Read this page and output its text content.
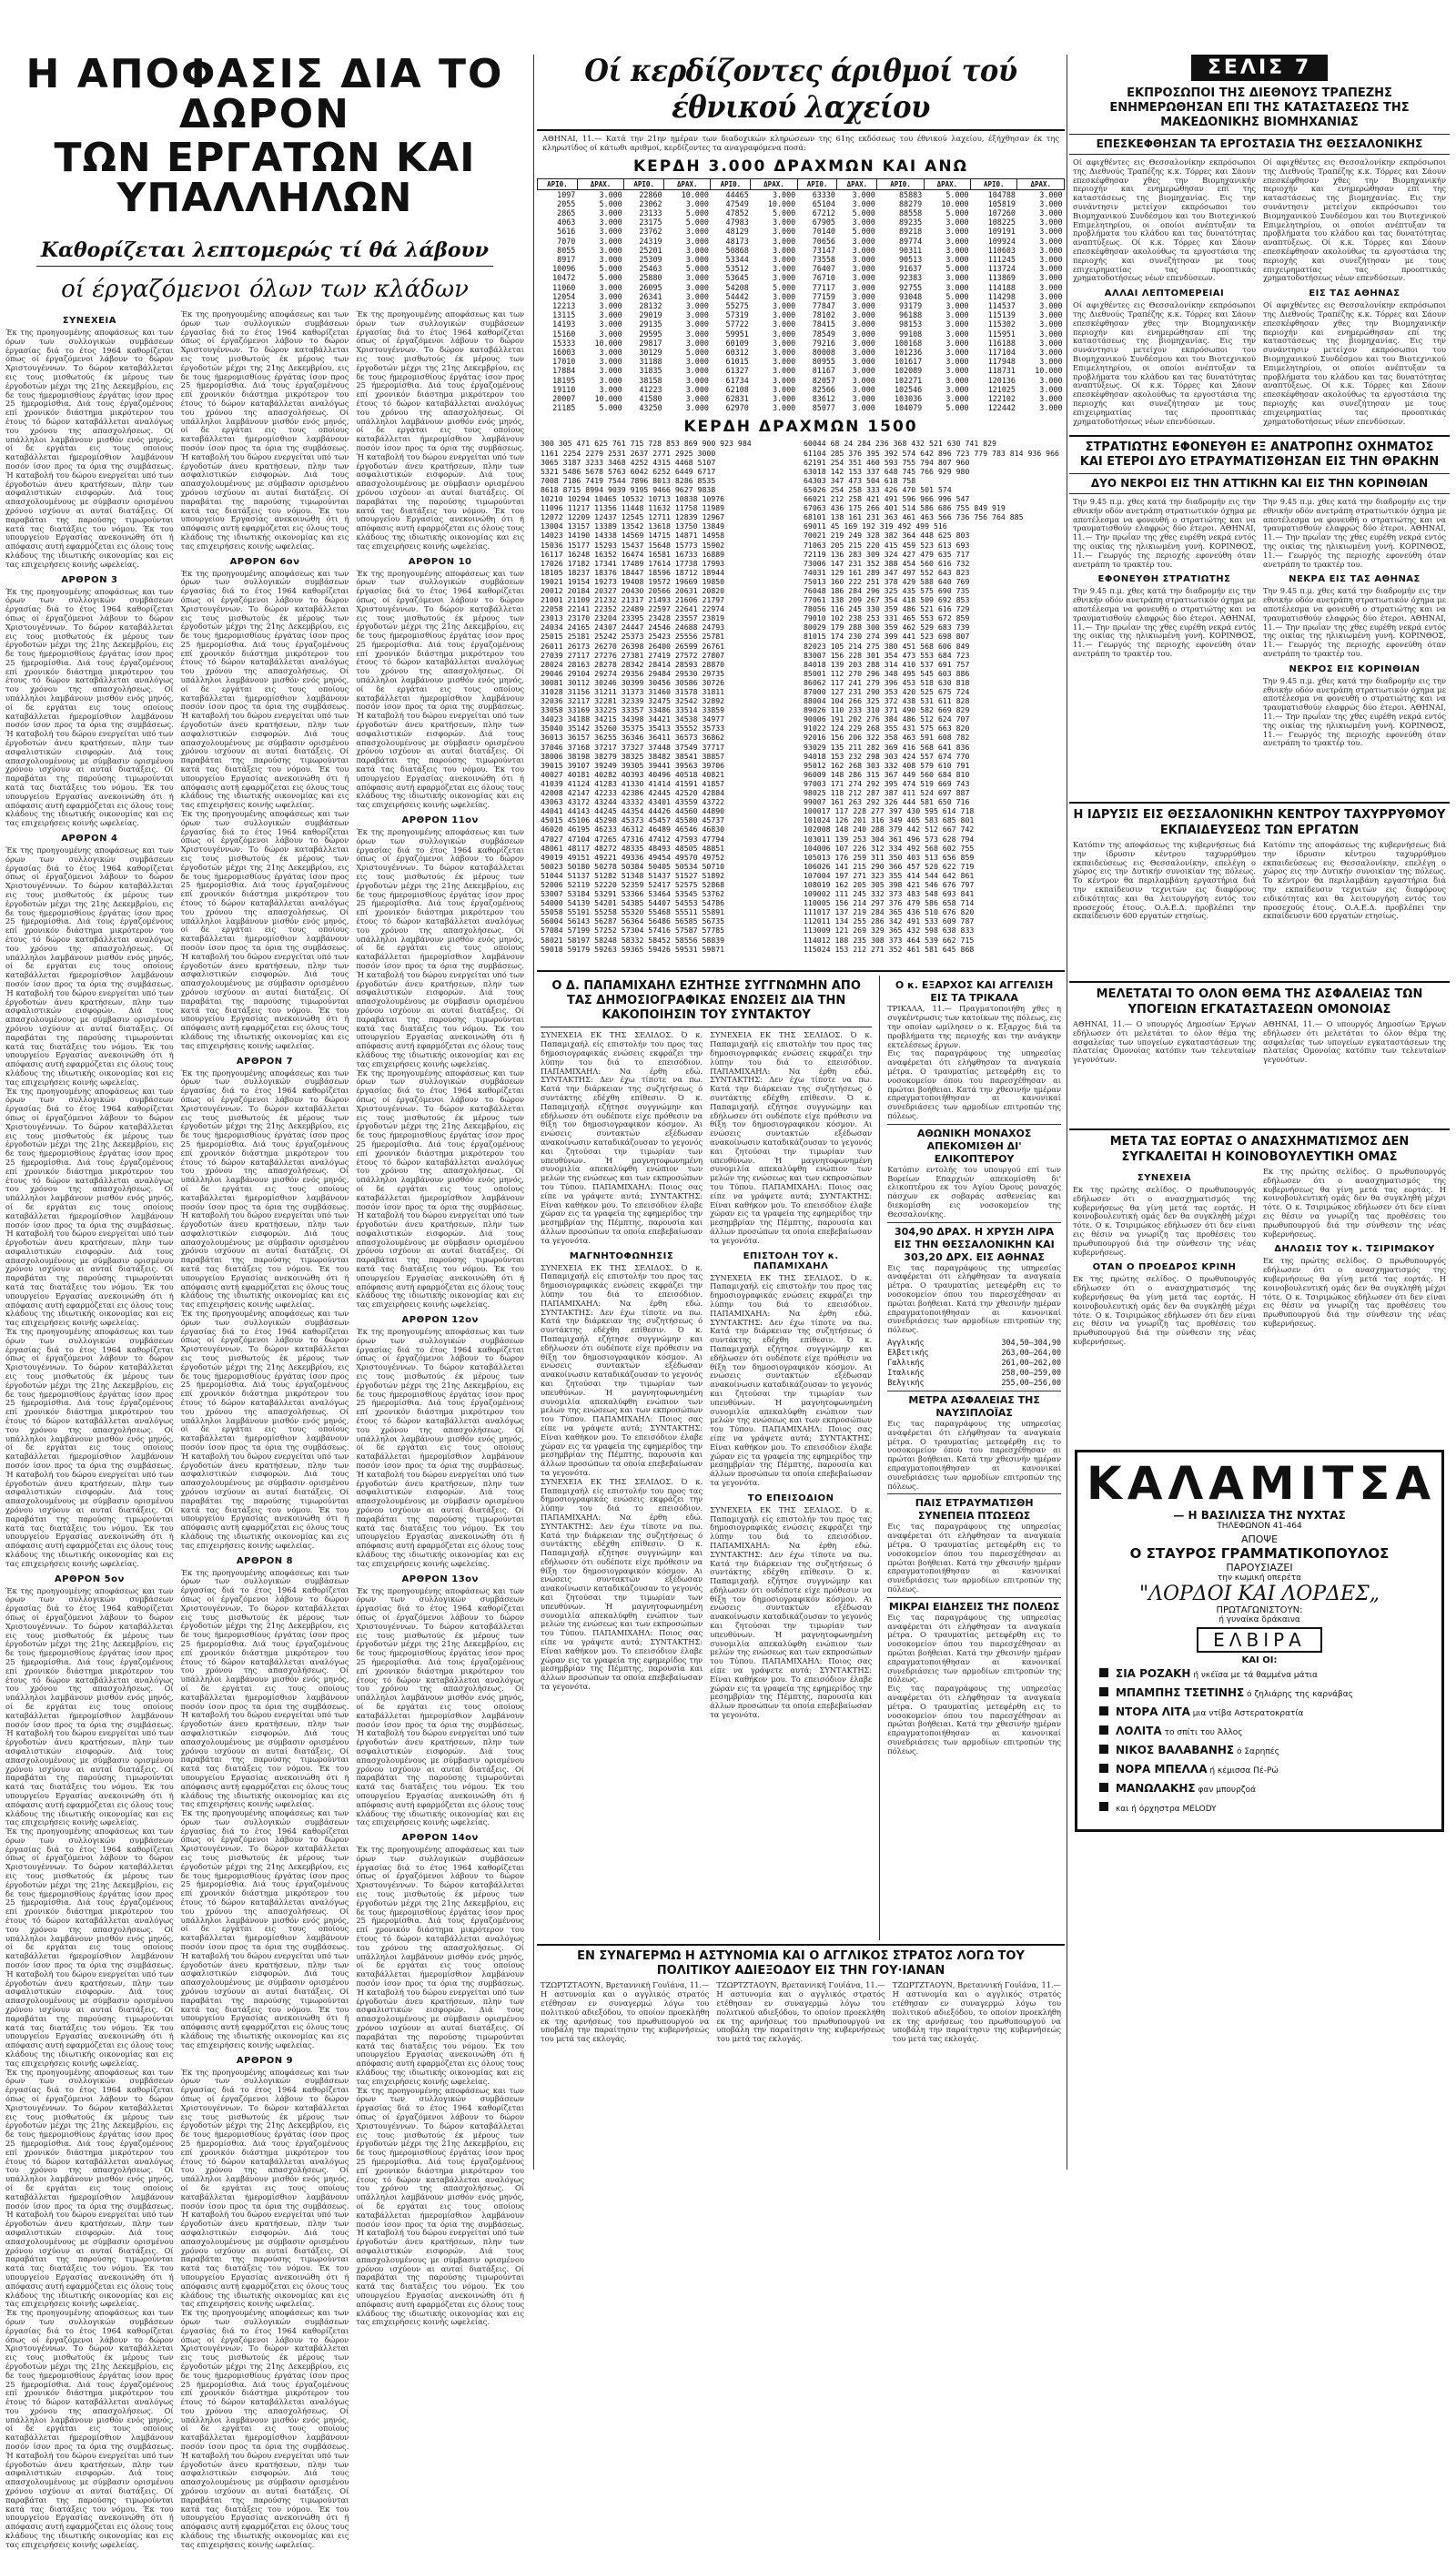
Η ΑΠΟΦΑΣΙΣ ΔΙΑ ΤΟ ΔΩΡΟΝ
ΤΩΝ ΕΡΓΑΤΩΝ ΚΑΙ ΥΠΑΛΛΗΛΩΝ
Καθορίζεται λεπτομερώς τί θά λάβουν
οί έργαζόμενοι όλων των κλάδων
ΣΥΝΕΧΕΙΑ
Έκ της προηγουμένης αποφάσεως και των όρων των συλλογικών συμβάσεων έργασίας διά το έτος 1964 καθορίζεται όπως οί έργαζόμενοι λάβουν το δώρον Χριστουγέννων. Το δώρον καταβάλλεται εις τους μισθωτούς έκ μέρους των έργοδοτών μέχρι της 21ης Δεκεμβρίου, εις δε τους ήμερομισθίους έργάτας ίσον προς 25 ήμερομίσθια. Διά τους έργαζομένους επί χρονικόν διάστημα μικρότερον του έτους τό δώρον καταβάλλεται αναλόγως του χρόνου της απασχολήσεως. Οί υπάλληλοι λαμβάνουν μισθόν ενός μηνός, οί δε εργάται εις τους οποίους καταβάλλεται ήμερομίσθιον λαμβάνουν ποσόν ίσον προς τα όρια της συμβάσεως. Ή καταβολή του δώρου ενεργείται υπό των έργοδοτών άνευ κρατήσεων, πλην των ασφαλιστικών εισφορών. Διά τους απασχολουμένους με σύμβασιν ορισμένου χρόνου ισχύουν αι αυταί διατάξεις. Οί παραβάται της παρούσης τιμωρούνται κατά τας διατάξεις του νόμου. Έκ του υπουργείου Εργασίας ανεκοινώθη ότι ή απόφασις αυτή εφαρμόζεται εις όλους τους κλάδους της ιδιωτικής οικονομίας και εις τας επιχειρήσεις κοινής ωφελείας.
ΑΡΘΡΟΝ 3
Έκ της προηγουμένης αποφάσεως και των όρων των συλλογικών συμβάσεων έργασίας διά το έτος 1964 καθορίζεται όπως οί έργαζόμενοι λάβουν το δώρον Χριστουγέννων. Το δώρον καταβάλλεται εις τους μισθωτούς έκ μέρους των έργοδοτών μέχρι της 21ης Δεκεμβρίου, εις δε τους ήμερομισθίους έργάτας ίσον προς 25 ήμερομίσθια. Διά τους έργαζομένους επί χρονικόν διάστημα μικρότερον του έτους τό δώρον καταβάλλεται αναλόγως του χρόνου της απασχολήσεως. Οί υπάλληλοι λαμβάνουν μισθόν ενός μηνός, οί δε εργάται εις τους οποίους καταβάλλεται ήμερομίσθιον λαμβάνουν ποσόν ίσον προς τα όρια της συμβάσεως. Ή καταβολή του δώρου ενεργείται υπό των έργοδοτών άνευ κρατήσεων, πλην των ασφαλιστικών εισφορών. Διά τους απασχολουμένους με σύμβασιν ορισμένου χρόνου ισχύουν αι αυταί διατάξεις. Οί παραβάται της παρούσης τιμωρούνται κατά τας διατάξεις του νόμου. Έκ του υπουργείου Εργασίας ανεκοινώθη ότι ή απόφασις αυτή εφαρμόζεται εις όλους τους κλάδους της ιδιωτικής οικονομίας και εις τας επιχειρήσεις κοινής ωφελείας.
ΑΡΘΡΟΝ 4
Έκ της προηγουμένης αποφάσεως και των όρων των συλλογικών συμβάσεων έργασίας διά το έτος 1964 καθορίζεται όπως οί έργαζόμενοι λάβουν το δώρον Χριστουγέννων. Το δώρον καταβάλλεται εις τους μισθωτούς έκ μέρους των έργοδοτών μέχρι της 21ης Δεκεμβρίου, εις δε τους ήμερομισθίους έργάτας ίσον προς 25 ήμερομίσθια. Διά τους έργαζομένους επί χρονικόν διάστημα μικρότερον του έτους τό δώρον καταβάλλεται αναλόγως του χρόνου της απασχολήσεως. Οί υπάλληλοι λαμβάνουν μισθόν ενός μηνός, οί δε εργάται εις τους οποίους καταβάλλεται ήμερομίσθιον λαμβάνουν ποσόν ίσον προς τα όρια της συμβάσεως. Ή καταβολή του δώρου ενεργείται υπό των έργοδοτών άνευ κρατήσεων, πλην των ασφαλιστικών εισφορών. Διά τους απασχολουμένους με σύμβασιν ορισμένου χρόνου ισχύουν αι αυταί διατάξεις. Οί παραβάται της παρούσης τιμωρούνται κατά τας διατάξεις του νόμου. Έκ του υπουργείου Εργασίας ανεκοινώθη ότι ή απόφασις αυτή εφαρμόζεται εις όλους τους κλάδους της ιδιωτικής οικονομίας και εις τας επιχειρήσεις κοινής ωφελείας.
Έκ της προηγουμένης αποφάσεως και των όρων των συλλογικών συμβάσεων έργασίας διά το έτος 1964 καθορίζεται όπως οί έργαζόμενοι λάβουν το δώρον Χριστουγέννων. Το δώρον καταβάλλεται εις τους μισθωτούς έκ μέρους των έργοδοτών μέχρι της 21ης Δεκεμβρίου, εις δε τους ήμερομισθίους έργάτας ίσον προς 25 ήμερομίσθια. Διά τους έργαζομένους επί χρονικόν διάστημα μικρότερον του έτους τό δώρον καταβάλλεται αναλόγως του χρόνου της απασχολήσεως. Οί υπάλληλοι λαμβάνουν μισθόν ενός μηνός, οί δε εργάται εις τους οποίους καταβάλλεται ήμερομίσθιον λαμβάνουν ποσόν ίσον προς τα όρια της συμβάσεως. Ή καταβολή του δώρου ενεργείται υπό των έργοδοτών άνευ κρατήσεων, πλην των ασφαλιστικών εισφορών. Διά τους απασχολουμένους με σύμβασιν ορισμένου χρόνου ισχύουν αι αυταί διατάξεις. Οί παραβάται της παρούσης τιμωρούνται κατά τας διατάξεις του νόμου. Έκ του υπουργείου Εργασίας ανεκοινώθη ότι ή απόφασις αυτή εφαρμόζεται εις όλους τους κλάδους της ιδιωτικής οικονομίας και εις τας επιχειρήσεις κοινής ωφελείας.
Έκ της προηγουμένης αποφάσεως και των όρων των συλλογικών συμβάσεων έργασίας διά το έτος 1964 καθορίζεται όπως οί έργαζόμενοι λάβουν το δώρον Χριστουγέννων. Το δώρον καταβάλλεται εις τους μισθωτούς έκ μέρους των έργοδοτών μέχρι της 21ης Δεκεμβρίου, εις δε τους ήμερομισθίους έργάτας ίσον προς 25 ήμερομίσθια. Διά τους έργαζομένους επί χρονικόν διάστημα μικρότερον του έτους τό δώρον καταβάλλεται αναλόγως του χρόνου της απασχολήσεως. Οί υπάλληλοι λαμβάνουν μισθόν ενός μηνός, οί δε εργάται εις τους οποίους καταβάλλεται ήμερομίσθιον λαμβάνουν ποσόν ίσον προς τα όρια της συμβάσεως. Ή καταβολή του δώρου ενεργείται υπό των έργοδοτών άνευ κρατήσεων, πλην των ασφαλιστικών εισφορών. Διά τους απασχολουμένους με σύμβασιν ορισμένου χρόνου ισχύουν αι αυταί διατάξεις. Οί παραβάται της παρούσης τιμωρούνται κατά τας διατάξεις του νόμου. Έκ του υπουργείου Εργασίας ανεκοινώθη ότι ή απόφασις αυτή εφαρμόζεται εις όλους τους κλάδους της ιδιωτικής οικονομίας και εις τας επιχειρήσεις κοινής ωφελείας.
ΑΡΘΡΟΝ 5ον
Έκ της προηγουμένης αποφάσεως και των όρων των συλλογικών συμβάσεων έργασίας διά το έτος 1964 καθορίζεται όπως οί έργαζόμενοι λάβουν το δώρον Χριστουγέννων. Το δώρον καταβάλλεται εις τους μισθωτούς έκ μέρους των έργοδοτών μέχρι της 21ης Δεκεμβρίου, εις δε τους ήμερομισθίους έργάτας ίσον προς 25 ήμερομίσθια. Διά τους έργαζομένους επί χρονικόν διάστημα μικρότερον του έτους τό δώρον καταβάλλεται αναλόγως του χρόνου της απασχολήσεως. Οί υπάλληλοι λαμβάνουν μισθόν ενός μηνός, οί δε εργάται εις τους οποίους καταβάλλεται ήμερομίσθιον λαμβάνουν ποσόν ίσον προς τα όρια της συμβάσεως. Ή καταβολή του δώρου ενεργείται υπό των έργοδοτών άνευ κρατήσεων, πλην των ασφαλιστικών εισφορών. Διά τους απασχολουμένους με σύμβασιν ορισμένου χρόνου ισχύουν αι αυταί διατάξεις. Οί παραβάται της παρούσης τιμωρούνται κατά τας διατάξεις του νόμου. Έκ του υπουργείου Εργασίας ανεκοινώθη ότι ή απόφασις αυτή εφαρμόζεται εις όλους τους κλάδους της ιδιωτικής οικονομίας και εις τας επιχειρήσεις κοινής ωφελείας.
Έκ της προηγουμένης αποφάσεως και των όρων των συλλογικών συμβάσεων έργασίας διά το έτος 1964 καθορίζεται όπως οί έργαζόμενοι λάβουν το δώρον Χριστουγέννων. Το δώρον καταβάλλεται εις τους μισθωτούς έκ μέρους των έργοδοτών μέχρι της 21ης Δεκεμβρίου, εις δε τους ήμερομισθίους έργάτας ίσον προς 25 ήμερομίσθια. Διά τους έργαζομένους επί χρονικόν διάστημα μικρότερον του έτους τό δώρον καταβάλλεται αναλόγως του χρόνου της απασχολήσεως. Οί υπάλληλοι λαμβάνουν μισθόν ενός μηνός, οί δε εργάται εις τους οποίους καταβάλλεται ήμερομίσθιον λαμβάνουν ποσόν ίσον προς τα όρια της συμβάσεως. Ή καταβολή του δώρου ενεργείται υπό των έργοδοτών άνευ κρατήσεων, πλην των ασφαλιστικών εισφορών. Διά τους απασχολουμένους με σύμβασιν ορισμένου χρόνου ισχύουν αι αυταί διατάξεις. Οί παραβάται της παρούσης τιμωρούνται κατά τας διατάξεις του νόμου. Έκ του υπουργείου Εργασίας ανεκοινώθη ότι ή απόφασις αυτή εφαρμόζεται εις όλους τους κλάδους της ιδιωτικής οικονομίας και εις τας επιχειρήσεις κοινής ωφελείας.
Έκ της προηγουμένης αποφάσεως και των όρων των συλλογικών συμβάσεων έργασίας διά το έτος 1964 καθορίζεται όπως οί έργαζόμενοι λάβουν το δώρον Χριστουγέννων. Το δώρον καταβάλλεται εις τους μισθωτούς έκ μέρους των έργοδοτών μέχρι της 21ης Δεκεμβρίου, εις δε τους ήμερομισθίους έργάτας ίσον προς 25 ήμερομίσθια. Διά τους έργαζομένους επί χρονικόν διάστημα μικρότερον του έτους τό δώρον καταβάλλεται αναλόγως του χρόνου της απασχολήσεως. Οί υπάλληλοι λαμβάνουν μισθόν ενός μηνός, οί δε εργάται εις τους οποίους καταβάλλεται ήμερομίσθιον λαμβάνουν ποσόν ίσον προς τα όρια της συμβάσεως. Ή καταβολή του δώρου ενεργείται υπό των έργοδοτών άνευ κρατήσεων, πλην των ασφαλιστικών εισφορών. Διά τους απασχολουμένους με σύμβασιν ορισμένου χρόνου ισχύουν αι αυταί διατάξεις. Οί παραβάται της παρούσης τιμωρούνται κατά τας διατάξεις του νόμου. Έκ του υπουργείου Εργασίας ανεκοινώθη ότι ή απόφασις αυτή εφαρμόζεται εις όλους τους κλάδους της ιδιωτικής οικονομίας και εις τας επιχειρήσεις κοινής ωφελείας.
Έκ της προηγουμένης αποφάσεως και των όρων των συλλογικών συμβάσεων έργασίας διά το έτος 1964 καθορίζεται όπως οί έργαζόμενοι λάβουν το δώρον Χριστουγέννων. Το δώρον καταβάλλεται εις τους μισθωτούς έκ μέρους των έργοδοτών μέχρι της 21ης Δεκεμβρίου, εις δε τους ήμερομισθίους έργάτας ίσον προς 25 ήμερομίσθια. Διά τους έργαζομένους επί χρονικόν διάστημα μικρότερον του έτους τό δώρον καταβάλλεται αναλόγως του χρόνου της απασχολήσεως. Οί υπάλληλοι λαμβάνουν μισθόν ενός μηνός, οί δε εργάται εις τους οποίους καταβάλλεται ήμερομίσθιον λαμβάνουν ποσόν ίσον προς τα όρια της συμβάσεως. Ή καταβολή του δώρου ενεργείται υπό των έργοδοτών άνευ κρατήσεων, πλην των ασφαλιστικών εισφορών. Διά τους απασχολουμένους με σύμβασιν ορισμένου χρόνου ισχύουν αι αυταί διατάξεις. Οί παραβάται της παρούσης τιμωρούνται κατά τας διατάξεις του νόμου. Έκ του υπουργείου Εργασίας ανεκοινώθη ότι ή απόφασις αυτή εφαρμόζεται εις όλους τους κλάδους της ιδιωτικής οικονομίας και εις τας επιχειρήσεις κοινής ωφελείας.
Έκ της προηγουμένης αποφάσεως και των όρων των συλλογικών συμβάσεων έργασίας διά το έτος 1964 καθορίζεται όπως οί έργαζόμενοι λάβουν το δώρον Χριστουγέννων. Το δώρον καταβάλλεται εις τους μισθωτούς έκ μέρους των έργοδοτών μέχρι της 21ης Δεκεμβρίου, εις δε τους ήμερομισθίους έργάτας ίσον προς 25 ήμερομίσθια. Διά τους έργαζομένους επί χρονικόν διάστημα μικρότερον του έτους τό δώρον καταβάλλεται αναλόγως του χρόνου της απασχολήσεως. Οί υπάλληλοι λαμβάνουν μισθόν ενός μηνός, οί δε εργάται εις τους οποίους καταβάλλεται ήμερομίσθιον λαμβάνουν ποσόν ίσον προς τα όρια της συμβάσεως. Ή καταβολή του δώρου ενεργείται υπό των έργοδοτών άνευ κρατήσεων, πλην των ασφαλιστικών εισφορών. Διά τους απασχολουμένους με σύμβασιν ορισμένου χρόνου ισχύουν αι αυταί διατάξεις. Οί παραβάται της παρούσης τιμωρούνται κατά τας διατάξεις του νόμου. Έκ του υπουργείου Εργασίας ανεκοινώθη ότι ή απόφασις αυτή εφαρμόζεται εις όλους τους κλάδους της ιδιωτικής οικονομίας και εις τας επιχειρήσεις κοινής ωφελείας.
ΑΡΘΡΟΝ 6ον
Έκ της προηγουμένης αποφάσεως και των όρων των συλλογικών συμβάσεων έργασίας διά το έτος 1964 καθορίζεται όπως οί έργαζόμενοι λάβουν το δώρον Χριστουγέννων. Το δώρον καταβάλλεται εις τους μισθωτούς έκ μέρους των έργοδοτών μέχρι της 21ης Δεκεμβρίου, εις δε τους ήμερομισθίους έργάτας ίσον προς 25 ήμερομίσθια. Διά τους έργαζομένους επί χρονικόν διάστημα μικρότερον του έτους τό δώρον καταβάλλεται αναλόγως του χρόνου της απασχολήσεως. Οί υπάλληλοι λαμβάνουν μισθόν ενός μηνός, οί δε εργάται εις τους οποίους καταβάλλεται ήμερομίσθιον λαμβάνουν ποσόν ίσον προς τα όρια της συμβάσεως. Ή καταβολή του δώρου ενεργείται υπό των έργοδοτών άνευ κρατήσεων, πλην των ασφαλιστικών εισφορών. Διά τους απασχολουμένους με σύμβασιν ορισμένου χρόνου ισχύουν αι αυταί διατάξεις. Οί παραβάται της παρούσης τιμωρούνται κατά τας διατάξεις του νόμου. Έκ του υπουργείου Εργασίας ανεκοινώθη ότι ή απόφασις αυτή εφαρμόζεται εις όλους τους κλάδους της ιδιωτικής οικονομίας και εις τας επιχειρήσεις κοινής ωφελείας.
Έκ της προηγουμένης αποφάσεως και των όρων των συλλογικών συμβάσεων έργασίας διά το έτος 1964 καθορίζεται όπως οί έργαζόμενοι λάβουν το δώρον Χριστουγέννων. Το δώρον καταβάλλεται εις τους μισθωτούς έκ μέρους των έργοδοτών μέχρι της 21ης Δεκεμβρίου, εις δε τους ήμερομισθίους έργάτας ίσον προς 25 ήμερομίσθια. Διά τους έργαζομένους επί χρονικόν διάστημα μικρότερον του έτους τό δώρον καταβάλλεται αναλόγως του χρόνου της απασχολήσεως. Οί υπάλληλοι λαμβάνουν μισθόν ενός μηνός, οί δε εργάται εις τους οποίους καταβάλλεται ήμερομίσθιον λαμβάνουν ποσόν ίσον προς τα όρια της συμβάσεως. Ή καταβολή του δώρου ενεργείται υπό των έργοδοτών άνευ κρατήσεων, πλην των ασφαλιστικών εισφορών. Διά τους απασχολουμένους με σύμβασιν ορισμένου χρόνου ισχύουν αι αυταί διατάξεις. Οί παραβάται της παρούσης τιμωρούνται κατά τας διατάξεις του νόμου. Έκ του υπουργείου Εργασίας ανεκοινώθη ότι ή απόφασις αυτή εφαρμόζεται εις όλους τους κλάδους της ιδιωτικής οικονομίας και εις τας επιχειρήσεις κοινής ωφελείας.
ΑΡΘΡΟΝ 7
Έκ της προηγουμένης αποφάσεως και των όρων των συλλογικών συμβάσεων έργασίας διά το έτος 1964 καθορίζεται όπως οί έργαζόμενοι λάβουν το δώρον Χριστουγέννων. Το δώρον καταβάλλεται εις τους μισθωτούς έκ μέρους των έργοδοτών μέχρι της 21ης Δεκεμβρίου, εις δε τους ήμερομισθίους έργάτας ίσον προς 25 ήμερομίσθια. Διά τους έργαζομένους επί χρονικόν διάστημα μικρότερον του έτους τό δώρον καταβάλλεται αναλόγως του χρόνου της απασχολήσεως. Οί υπάλληλοι λαμβάνουν μισθόν ενός μηνός, οί δε εργάται εις τους οποίους καταβάλλεται ήμερομίσθιον λαμβάνουν ποσόν ίσον προς τα όρια της συμβάσεως. Ή καταβολή του δώρου ενεργείται υπό των έργοδοτών άνευ κρατήσεων, πλην των ασφαλιστικών εισφορών. Διά τους απασχολουμένους με σύμβασιν ορισμένου χρόνου ισχύουν αι αυταί διατάξεις. Οί παραβάται της παρούσης τιμωρούνται κατά τας διατάξεις του νόμου. Έκ του υπουργείου Εργασίας ανεκοινώθη ότι ή απόφασις αυτή εφαρμόζεται εις όλους τους κλάδους της ιδιωτικής οικονομίας και εις τας επιχειρήσεις κοινής ωφελείας.
Έκ της προηγουμένης αποφάσεως και των όρων των συλλογικών συμβάσεων έργασίας διά το έτος 1964 καθορίζεται όπως οί έργαζόμενοι λάβουν το δώρον Χριστουγέννων. Το δώρον καταβάλλεται εις τους μισθωτούς έκ μέρους των έργοδοτών μέχρι της 21ης Δεκεμβρίου, εις δε τους ήμερομισθίους έργάτας ίσον προς 25 ήμερομίσθια. Διά τους έργαζομένους επί χρονικόν διάστημα μικρότερον του έτους τό δώρον καταβάλλεται αναλόγως του χρόνου της απασχολήσεως. Οί υπάλληλοι λαμβάνουν μισθόν ενός μηνός, οί δε εργάται εις τους οποίους καταβάλλεται ήμερομίσθιον λαμβάνουν ποσόν ίσον προς τα όρια της συμβάσεως. Ή καταβολή του δώρου ενεργείται υπό των έργοδοτών άνευ κρατήσεων, πλην των ασφαλιστικών εισφορών. Διά τους απασχολουμένους με σύμβασιν ορισμένου χρόνου ισχύουν αι αυταί διατάξεις. Οί παραβάται της παρούσης τιμωρούνται κατά τας διατάξεις του νόμου. Έκ του υπουργείου Εργασίας ανεκοινώθη ότι ή απόφασις αυτή εφαρμόζεται εις όλους τους κλάδους της ιδιωτικής οικονομίας και εις τας επιχειρήσεις κοινής ωφελείας.
ΑΡΘΡΟΝ 8
Έκ της προηγουμένης αποφάσεως και των όρων των συλλογικών συμβάσεων έργασίας διά το έτος 1964 καθορίζεται όπως οί έργαζόμενοι λάβουν το δώρον Χριστουγέννων. Το δώρον καταβάλλεται εις τους μισθωτούς έκ μέρους των έργοδοτών μέχρι της 21ης Δεκεμβρίου, εις δε τους ήμερομισθίους έργάτας ίσον προς 25 ήμερομίσθια. Διά τους έργαζομένους επί χρονικόν διάστημα μικρότερον του έτους τό δώρον καταβάλλεται αναλόγως του χρόνου της απασχολήσεως. Οί υπάλληλοι λαμβάνουν μισθόν ενός μηνός, οί δε εργάται εις τους οποίους καταβάλλεται ήμερομίσθιον λαμβάνουν ποσόν ίσον προς τα όρια της συμβάσεως. Ή καταβολή του δώρου ενεργείται υπό των έργοδοτών άνευ κρατήσεων, πλην των ασφαλιστικών εισφορών. Διά τους απασχολουμένους με σύμβασιν ορισμένου χρόνου ισχύουν αι αυταί διατάξεις. Οί παραβάται της παρούσης τιμωρούνται κατά τας διατάξεις του νόμου. Έκ του υπουργείου Εργασίας ανεκοινώθη ότι ή απόφασις αυτή εφαρμόζεται εις όλους τους κλάδους της ιδιωτικής οικονομίας και εις τας επιχειρήσεις κοινής ωφελείας.
Έκ της προηγουμένης αποφάσεως και των όρων των συλλογικών συμβάσεων έργασίας διά το έτος 1964 καθορίζεται όπως οί έργαζόμενοι λάβουν το δώρον Χριστουγέννων. Το δώρον καταβάλλεται εις τους μισθωτούς έκ μέρους των έργοδοτών μέχρι της 21ης Δεκεμβρίου, εις δε τους ήμερομισθίους έργάτας ίσον προς 25 ήμερομίσθια. Διά τους έργαζομένους επί χρονικόν διάστημα μικρότερον του έτους τό δώρον καταβάλλεται αναλόγως του χρόνου της απασχολήσεως. Οί υπάλληλοι λαμβάνουν μισθόν ενός μηνός, οί δε εργάται εις τους οποίους καταβάλλεται ήμερομίσθιον λαμβάνουν ποσόν ίσον προς τα όρια της συμβάσεως. Ή καταβολή του δώρου ενεργείται υπό των έργοδοτών άνευ κρατήσεων, πλην των ασφαλιστικών εισφορών. Διά τους απασχολουμένους με σύμβασιν ορισμένου χρόνου ισχύουν αι αυταί διατάξεις. Οί παραβάται της παρούσης τιμωρούνται κατά τας διατάξεις του νόμου. Έκ του υπουργείου Εργασίας ανεκοινώθη ότι ή απόφασις αυτή εφαρμόζεται εις όλους τους κλάδους της ιδιωτικής οικονομίας και εις τας επιχειρήσεις κοινής ωφελείας.
ΑΡΘΡΟΝ 9
Έκ της προηγουμένης αποφάσεως και των όρων των συλλογικών συμβάσεων έργασίας διά το έτος 1964 καθορίζεται όπως οί έργαζόμενοι λάβουν το δώρον Χριστουγέννων. Το δώρον καταβάλλεται εις τους μισθωτούς έκ μέρους των έργοδοτών μέχρι της 21ης Δεκεμβρίου, εις δε τους ήμερομισθίους έργάτας ίσον προς 25 ήμερομίσθια. Διά τους έργαζομένους επί χρονικόν διάστημα μικρότερον του έτους τό δώρον καταβάλλεται αναλόγως του χρόνου της απασχολήσεως. Οί υπάλληλοι λαμβάνουν μισθόν ενός μηνός, οί δε εργάται εις τους οποίους καταβάλλεται ήμερομίσθιον λαμβάνουν ποσόν ίσον προς τα όρια της συμβάσεως. Ή καταβολή του δώρου ενεργείται υπό των έργοδοτών άνευ κρατήσεων, πλην των ασφαλιστικών εισφορών. Διά τους απασχολουμένους με σύμβασιν ορισμένου χρόνου ισχύουν αι αυταί διατάξεις. Οί παραβάται της παρούσης τιμωρούνται κατά τας διατάξεις του νόμου. Έκ του υπουργείου Εργασίας ανεκοινώθη ότι ή απόφασις αυτή εφαρμόζεται εις όλους τους κλάδους της ιδιωτικής οικονομίας και εις τας επιχειρήσεις κοινής ωφελείας.
Έκ της προηγουμένης αποφάσεως και των όρων των συλλογικών συμβάσεων έργασίας διά το έτος 1964 καθορίζεται όπως οί έργαζόμενοι λάβουν το δώρον Χριστουγέννων. Το δώρον καταβάλλεται εις τους μισθωτούς έκ μέρους των έργοδοτών μέχρι της 21ης Δεκεμβρίου, εις δε τους ήμερομισθίους έργάτας ίσον προς 25 ήμερομίσθια. Διά τους έργαζομένους επί χρονικόν διάστημα μικρότερον του έτους τό δώρον καταβάλλεται αναλόγως του χρόνου της απασχολήσεως. Οί υπάλληλοι λαμβάνουν μισθόν ενός μηνός, οί δε εργάται εις τους οποίους καταβάλλεται ήμερομίσθιον λαμβάνουν ποσόν ίσον προς τα όρια της συμβάσεως. Ή καταβολή του δώρου ενεργείται υπό των έργοδοτών άνευ κρατήσεων, πλην των ασφαλιστικών εισφορών. Διά τους απασχολουμένους με σύμβασιν ορισμένου χρόνου ισχύουν αι αυταί διατάξεις. Οί παραβάται της παρούσης τιμωρούνται κατά τας διατάξεις του νόμου. Έκ του υπουργείου Εργασίας ανεκοινώθη ότι ή απόφασις αυτή εφαρμόζεται εις όλους τους κλάδους της ιδιωτικής οικονομίας και εις τας επιχειρήσεις κοινής ωφελείας.
Έκ της προηγουμένης αποφάσεως και των όρων των συλλογικών συμβάσεων έργασίας διά το έτος 1964 καθορίζεται όπως οί έργαζόμενοι λάβουν το δώρον Χριστουγέννων. Το δώρον καταβάλλεται εις τους μισθωτούς έκ μέρους των έργοδοτών μέχρι της 21ης Δεκεμβρίου, εις δε τους ήμερομισθίους έργάτας ίσον προς 25 ήμερομίσθια. Διά τους έργαζομένους επί χρονικόν διάστημα μικρότερον του έτους τό δώρον καταβάλλεται αναλόγως του χρόνου της απασχολήσεως. Οί υπάλληλοι λαμβάνουν μισθόν ενός μηνός, οί δε εργάται εις τους οποίους καταβάλλεται ήμερομίσθιον λαμβάνουν ποσόν ίσον προς τα όρια της συμβάσεως. Ή καταβολή του δώρου ενεργείται υπό των έργοδοτών άνευ κρατήσεων, πλην των ασφαλιστικών εισφορών. Διά τους απασχολουμένους με σύμβασιν ορισμένου χρόνου ισχύουν αι αυταί διατάξεις. Οί παραβάται της παρούσης τιμωρούνται κατά τας διατάξεις του νόμου. Έκ του υπουργείου Εργασίας ανεκοινώθη ότι ή απόφασις αυτή εφαρμόζεται εις όλους τους κλάδους της ιδιωτικής οικονομίας και εις τας επιχειρήσεις κοινής ωφελείας.
ΑΡΘΡΟΝ 10
Έκ της προηγουμένης αποφάσεως και των όρων των συλλογικών συμβάσεων έργασίας διά το έτος 1964 καθορίζεται όπως οί έργαζόμενοι λάβουν το δώρον Χριστουγέννων. Το δώρον καταβάλλεται εις τους μισθωτούς έκ μέρους των έργοδοτών μέχρι της 21ης Δεκεμβρίου, εις δε τους ήμερομισθίους έργάτας ίσον προς 25 ήμερομίσθια. Διά τους έργαζομένους επί χρονικόν διάστημα μικρότερον του έτους τό δώρον καταβάλλεται αναλόγως του χρόνου της απασχολήσεως. Οί υπάλληλοι λαμβάνουν μισθόν ενός μηνός, οί δε εργάται εις τους οποίους καταβάλλεται ήμερομίσθιον λαμβάνουν ποσόν ίσον προς τα όρια της συμβάσεως. Ή καταβολή του δώρου ενεργείται υπό των έργοδοτών άνευ κρατήσεων, πλην των ασφαλιστικών εισφορών. Διά τους απασχολουμένους με σύμβασιν ορισμένου χρόνου ισχύουν αι αυταί διατάξεις. Οί παραβάται της παρούσης τιμωρούνται κατά τας διατάξεις του νόμου. Έκ του υπουργείου Εργασίας ανεκοινώθη ότι ή απόφασις αυτή εφαρμόζεται εις όλους τους κλάδους της ιδιωτικής οικονομίας και εις τας επιχειρήσεις κοινής ωφελείας.
ΑΡΘΡΟΝ 11ον
Έκ της προηγουμένης αποφάσεως και των όρων των συλλογικών συμβάσεων έργασίας διά το έτος 1964 καθορίζεται όπως οί έργαζόμενοι λάβουν το δώρον Χριστουγέννων. Το δώρον καταβάλλεται εις τους μισθωτούς έκ μέρους των έργοδοτών μέχρι της 21ης Δεκεμβρίου, εις δε τους ήμερομισθίους έργάτας ίσον προς 25 ήμερομίσθια. Διά τους έργαζομένους επί χρονικόν διάστημα μικρότερον του έτους τό δώρον καταβάλλεται αναλόγως του χρόνου της απασχολήσεως. Οί υπάλληλοι λαμβάνουν μισθόν ενός μηνός, οί δε εργάται εις τους οποίους καταβάλλεται ήμερομίσθιον λαμβάνουν ποσόν ίσον προς τα όρια της συμβάσεως. Ή καταβολή του δώρου ενεργείται υπό των έργοδοτών άνευ κρατήσεων, πλην των ασφαλιστικών εισφορών. Διά τους απασχολουμένους με σύμβασιν ορισμένου χρόνου ισχύουν αι αυταί διατάξεις. Οί παραβάται της παρούσης τιμωρούνται κατά τας διατάξεις του νόμου. Έκ του υπουργείου Εργασίας ανεκοινώθη ότι ή απόφασις αυτή εφαρμόζεται εις όλους τους κλάδους της ιδιωτικής οικονομίας και εις τας επιχειρήσεις κοινής ωφελείας.
Έκ της προηγουμένης αποφάσεως και των όρων των συλλογικών συμβάσεων έργασίας διά το έτος 1964 καθορίζεται όπως οί έργαζόμενοι λάβουν το δώρον Χριστουγέννων. Το δώρον καταβάλλεται εις τους μισθωτούς έκ μέρους των έργοδοτών μέχρι της 21ης Δεκεμβρίου, εις δε τους ήμερομισθίους έργάτας ίσον προς 25 ήμερομίσθια. Διά τους έργαζομένους επί χρονικόν διάστημα μικρότερον του έτους τό δώρον καταβάλλεται αναλόγως του χρόνου της απασχολήσεως. Οί υπάλληλοι λαμβάνουν μισθόν ενός μηνός, οί δε εργάται εις τους οποίους καταβάλλεται ήμερομίσθιον λαμβάνουν ποσόν ίσον προς τα όρια της συμβάσεως. Ή καταβολή του δώρου ενεργείται υπό των έργοδοτών άνευ κρατήσεων, πλην των ασφαλιστικών εισφορών. Διά τους απασχολουμένους με σύμβασιν ορισμένου χρόνου ισχύουν αι αυταί διατάξεις. Οί παραβάται της παρούσης τιμωρούνται κατά τας διατάξεις του νόμου. Έκ του υπουργείου Εργασίας ανεκοινώθη ότι ή απόφασις αυτή εφαρμόζεται εις όλους τους κλάδους της ιδιωτικής οικονομίας και εις τας επιχειρήσεις κοινής ωφελείας.
ΑΡΘΡΟΝ 12ον
Έκ της προηγουμένης αποφάσεως και των όρων των συλλογικών συμβάσεων έργασίας διά το έτος 1964 καθορίζεται όπως οί έργαζόμενοι λάβουν το δώρον Χριστουγέννων. Το δώρον καταβάλλεται εις τους μισθωτούς έκ μέρους των έργοδοτών μέχρι της 21ης Δεκεμβρίου, εις δε τους ήμερομισθίους έργάτας ίσον προς 25 ήμερομίσθια. Διά τους έργαζομένους επί χρονικόν διάστημα μικρότερον του έτους τό δώρον καταβάλλεται αναλόγως του χρόνου της απασχολήσεως. Οί υπάλληλοι λαμβάνουν μισθόν ενός μηνός, οί δε εργάται εις τους οποίους καταβάλλεται ήμερομίσθιον λαμβάνουν ποσόν ίσον προς τα όρια της συμβάσεως. Ή καταβολή του δώρου ενεργείται υπό των έργοδοτών άνευ κρατήσεων, πλην των ασφαλιστικών εισφορών. Διά τους απασχολουμένους με σύμβασιν ορισμένου χρόνου ισχύουν αι αυταί διατάξεις. Οί παραβάται της παρούσης τιμωρούνται κατά τας διατάξεις του νόμου. Έκ του υπουργείου Εργασίας ανεκοινώθη ότι ή απόφασις αυτή εφαρμόζεται εις όλους τους κλάδους της ιδιωτικής οικονομίας και εις τας επιχειρήσεις κοινής ωφελείας.
ΑΡΘΡΟΝ 13ον
Έκ της προηγουμένης αποφάσεως και των όρων των συλλογικών συμβάσεων έργασίας διά το έτος 1964 καθορίζεται όπως οί έργαζόμενοι λάβουν το δώρον Χριστουγέννων. Το δώρον καταβάλλεται εις τους μισθωτούς έκ μέρους των έργοδοτών μέχρι της 21ης Δεκεμβρίου, εις δε τους ήμερομισθίους έργάτας ίσον προς 25 ήμερομίσθια. Διά τους έργαζομένους επί χρονικόν διάστημα μικρότερον του έτους τό δώρον καταβάλλεται αναλόγως του χρόνου της απασχολήσεως. Οί υπάλληλοι λαμβάνουν μισθόν ενός μηνός, οί δε εργάται εις τους οποίους καταβάλλεται ήμερομίσθιον λαμβάνουν ποσόν ίσον προς τα όρια της συμβάσεως. Ή καταβολή του δώρου ενεργείται υπό των έργοδοτών άνευ κρατήσεων, πλην των ασφαλιστικών εισφορών. Διά τους απασχολουμένους με σύμβασιν ορισμένου χρόνου ισχύουν αι αυταί διατάξεις. Οί παραβάται της παρούσης τιμωρούνται κατά τας διατάξεις του νόμου. Έκ του υπουργείου Εργασίας ανεκοινώθη ότι ή απόφασις αυτή εφαρμόζεται εις όλους τους κλάδους της ιδιωτικής οικονομίας και εις τας επιχειρήσεις κοινής ωφελείας.
ΑΡΘΡΟΝ 14ον
Έκ της προηγουμένης αποφάσεως και των όρων των συλλογικών συμβάσεων έργασίας διά το έτος 1964 καθορίζεται όπως οί έργαζόμενοι λάβουν το δώρον Χριστουγέννων. Το δώρον καταβάλλεται εις τους μισθωτούς έκ μέρους των έργοδοτών μέχρι της 21ης Δεκεμβρίου, εις δε τους ήμερομισθίους έργάτας ίσον προς 25 ήμερομίσθια. Διά τους έργαζομένους επί χρονικόν διάστημα μικρότερον του έτους τό δώρον καταβάλλεται αναλόγως του χρόνου της απασχολήσεως. Οί υπάλληλοι λαμβάνουν μισθόν ενός μηνός, οί δε εργάται εις τους οποίους καταβάλλεται ήμερομίσθιον λαμβάνουν ποσόν ίσον προς τα όρια της συμβάσεως. Ή καταβολή του δώρου ενεργείται υπό των έργοδοτών άνευ κρατήσεων, πλην των ασφαλιστικών εισφορών. Διά τους απασχολουμένους με σύμβασιν ορισμένου χρόνου ισχύουν αι αυταί διατάξεις. Οί παραβάται της παρούσης τιμωρούνται κατά τας διατάξεις του νόμου. Έκ του υπουργείου Εργασίας ανεκοινώθη ότι ή απόφασις αυτή εφαρμόζεται εις όλους τους κλάδους της ιδιωτικής οικονομίας και εις τας επιχειρήσεις κοινής ωφελείας.
Έκ της προηγουμένης αποφάσεως και των όρων των συλλογικών συμβάσεων έργασίας διά το έτος 1964 καθορίζεται όπως οί έργαζόμενοι λάβουν το δώρον Χριστουγέννων. Το δώρον καταβάλλεται εις τους μισθωτούς έκ μέρους των έργοδοτών μέχρι της 21ης Δεκεμβρίου, εις δε τους ήμερομισθίους έργάτας ίσον προς 25 ήμερομίσθια. Διά τους έργαζομένους επί χρονικόν διάστημα μικρότερον του έτους τό δώρον καταβάλλεται αναλόγως του χρόνου της απασχολήσεως. Οί υπάλληλοι λαμβάνουν μισθόν ενός μηνός, οί δε εργάται εις τους οποίους καταβάλλεται ήμερομίσθιον λαμβάνουν ποσόν ίσον προς τα όρια της συμβάσεως. Ή καταβολή του δώρου ενεργείται υπό των έργοδοτών άνευ κρατήσεων, πλην των ασφαλιστικών εισφορών. Διά τους απασχολουμένους με σύμβασιν ορισμένου χρόνου ισχύουν αι αυταί διατάξεις. Οί παραβάται της παρούσης τιμωρούνται κατά τας διατάξεις του νόμου. Έκ του υπουργείου Εργασίας ανεκοινώθη ότι ή απόφασις αυτή εφαρμόζεται εις όλους τους κλάδους της ιδιωτικής οικονομίας και εις τας επιχειρήσεις κοινής ωφελείας.
Οί κερδίζοντες άριθμοί τού έθνικού λαχείου
ΑΘΗΝΑΙ, 11.— Κατά την 21ην ημέραν των διαδοχικών κληρώσεων της 61ης εκδόσεως του έθνικού λαχείου, έξήχθησαν έκ της κληρωτίδος οί κάτωθι αριθμοί, κερδίζοντες τα αναγραφόμενα ποσά:
ΚΕΡΔΗ 3.000 ΔΡΑΧΜΩΝ ΚΑΙ ΑΝΩ
ΑΡΙΘ.	ΔΡΑΧ.	ΑΡΙΘ.	ΔΡΑΧ.	ΑΡΙΘ.	ΔΡΑΧ.	ΑΡΙΘ.	ΔΡΑΧ.	ΑΡΙΘ.	ΔΡΑΧ.	ΑΡΙΘ.	ΔΡΑΧ.
1097	3.000	22860	10.000	44465	3.000	63330	3.000	85883	5.000	104788	3.000
2055	5.000	23062	3.000	47549	10.000	65104	3.000	88279	10.000	105819	3.000
2865	3.000	23133	5.000	47852	5.000	67212	5.000	88558	5.000	107260	3.000
4063	3.000	23175	5.000	47983	3.000	67905	3.000	89235	3.000	108225	3.000
5616	3.000	23762	3.000	48129	3.000	70140	5.000	89218	3.000	109191	3.000
7070	3.000	24319	3.000	48173	3.000	70656	3.000	89774	3.000	109924	3.000
8055	3.000	25201	3.000	50868	3.000	73147	3.000	90311	3.000	110603	3.000
8917	3.000	25309	3.000	53344	3.000	73558	3.000	90513	3.000	111245	3.000
10096	5.000	25463	5.000	53512	3.000	76407	3.000	91637	5.000	113724	3.000
10472	5.000	25880	3.000	53645	3.000	76710	3.000	92383	3.000	113869	3.000
11060	3.000	26095	3.000	54208	5.000	77117	3.000	92755	3.000	114188	3.000
12054	3.000	26341	3.000	54442	3.000	77159	3.000	93048	5.000	114298	3.000
12213	3.000	28132	3.000	55275	3.000	77847	3.000	93179	3.000	114537	3.000
13115	3.000	29019	3.000	57319	3.000	78102	3.000	96188	3.000	115139	3.000
14193	3.000	29135	3.000	57722	3.000	78415	3.000	98153	3.000	115302	3.000
15160	3.000	29595	3.000	59951	3.000	78549	3.000	99108	3.000	115951	3.000
15333	10.000	29817	3.000	60109	3.000	79216	3.000	100168	3.000	116188	3.000
16003	3.000	30129	5.000	60312	3.000	80008	3.000	101236	3.000	117104	3.000
17010	3.000	31188	3.000	61015	3.000	80955	3.000	101617	3.000	117948	3.000
17884	3.000	31835	3.000	61327	3.000	81167	3.000	102089	3.000	118731	10.000
18195	3.000	38158	3.000	61734	3.000	82057	3.000	102271	3.000	120136	3.000
19110	3.000	41223	3.000	62108	3.000	82566	3.000	102546	3.000	121025	3.000
20007	10.000	41580	3.000	62831	3.000	83612	3.000	103036	3.000	122102	3.000
21185	5.000	43250	3.000	62970	3.000	85077	3.000	104079	5.000	122442	3.000
ΚΕΡΔΗ ΔΡΑΧΜΩΝ 1500
300 305 471 625 761 715 728 853 869 900 923 984
1161 2254 2279 2531 2637 2771 2925 3000
3065 3187 3233 3468 4252 4315 4468 5107
5321 5486 5678 5763 6042 6252 6449 6717
7008 7186 7419 7544 7896 8013 8286 8535
8618 8715 8994 9039 9195 9466 9627 9838
10210 10294 10465 10532 10713 10838 10976
11096 11217 11356 11448 11632 11758 11989
12072 12209 12437 12545 12711 12839 12967
13004 13157 13389 13542 13618 13750 13849
14023 14190 14338 14569 14715 14871 14958
15036 15177 15293 15437 15648 15773 15902
16117 16248 16352 16474 16581 16733 16889
17026 17182 17341 17489 17614 17738 17993
18105 18237 18376 18447 18596 18712 18944
19021 19154 19273 19408 19572 19669 19850
20012 20184 20327 20430 20566 20631 20820
21001 21109 21232 21317 21493 21606 21797
22058 22141 22352 22489 22597 22641 22974
23013 23170 23204 23395 23428 23557 23819
24034 24165 24307 24447 24546 24688 24793
25015 25181 25242 25373 25423 25556 25781
26011 26173 26270 26398 26400 26599 26761
27039 27117 27276 27381 27419 27572 27807
28024 28163 28278 28342 28414 28593 28870
29046 29104 29274 29356 29484 29530 29735
30081 30112 30246 30399 30456 30586 30726
31028 31156 31211 31373 31460 31578 31811
32036 32117 32281 32339 32475 32542 32892
33058 33169 33225 33357 33486 33514 33859
34023 34188 34215 34398 34421 34538 34977
35040 35142 35260 35375 35413 35552 35733
36013 36157 36255 36346 36411 36573 36862
37046 37168 37217 37327 37448 37549 37717
38006 38198 38279 38325 38482 38541 38857
39015 39107 39249 39305 39441 39563 39706
40027 40181 40282 40393 40496 40518 40821
41039 41124 41283 41330 41414 41591 41857
42008 42147 42233 42386 42445 42520 42884
43063 43172 43244 43332 43401 43559 43722
44041 44143 44245 44354 44426 44560 44890
45015 45106 45298 45373 45457 45580 45737
46020 46195 46233 46312 46489 46546 46830
47027 47104 47265 47316 47412 47593 47794
48061 48117 48272 48335 48493 48505 48851
49019 49151 49221 49336 49454 49570 49752
50023 50180 50278 50384 50405 50534 50710
51044 51137 51282 51348 51437 51527 51892
52006 52119 52220 52359 52417 52575 52868
53007 53184 53291 53366 53464 53545 53762
54000 54139 54201 54385 54407 54553 54786
55058 55191 55258 55320 55468 55511 55891
56004 56143 56287 56364 56486 56585 56735
57084 57199 57252 57304 57416 57587 57785
58021 58197 58248 58332 58452 58556 58839
59018 59179 59263 59365 59426 59531 59871
60044 68 24 284 236 368 432 521 630 741 829
61104 285 376 395 392 574 642 896 723 779 783 814 936 966
62191 254 351 460 593 755 794 807 960
63018 142 153 337 648 745 766 929 980
64303 347 473 504 618 758
65026 254 258 333 426 470 501 574
66021 212 258 421 491 596 966 996 547
67063 436 175 266 401 514 586 686 755 849 919
68101 138 161 231 363 461 463 566 736 756 764 885
69011 45 169 192 319 492 499 516
70021 219 249 328 382 364 448 625 803
71063 205 215 220 415 459 523 613 693
72119 136 283 309 324 427 479 635 717
73006 147 231 352 388 454 560 616 732
74031 129 161 289 347 497 552 643 823
75013 160 222 251 378 429 588 640 769
76048 186 284 296 325 435 575 690 735
77061 138 209 267 354 418 509 692 853
78056 116 245 330 359 486 521 616 729
79010 102 238 253 331 465 553 672 859
80029 179 288 300 359 462 529 683 739
81015 174 230 274 399 441 523 698 807
82023 105 214 275 380 451 568 606 849
83007 156 228 301 354 473 553 684 723
84018 139 203 288 314 410 537 691 757
85001 112 270 296 348 495 545 603 886
86062 117 241 279 396 453 518 630 818
87000 127 231 290 353 420 525 675 724
88004 104 266 325 372 438 531 611 828
89026 110 233 310 371 490 582 669 829
90006 191 202 276 384 486 512 624 707
91022 124 229 268 355 431 575 663 820
92016 156 206 322 358 463 591 608 782
93029 135 211 282 369 416 568 641 836
94018 153 232 298 303 424 557 674 770
95012 162 268 303 332 408 579 610 791
96009 148 286 315 367 449 560 684 810
97003 171 274 292 395 474 519 669 743
98025 118 212 287 387 411 524 697 887
99007 161 263 292 326 444 581 650 716
100017 117 228 277 397 430 595 614 718
101024 126 201 316 349 405 583 685 801
102008 148 240 288 379 442 512 667 742
103011 139 253 304 361 496 573 628 794
104006 107 226 312 334 492 568 602 755
105013 176 259 311 350 403 513 656 859
106026 141 215 290 366 457 520 622 719
107004 197 271 323 355 414 544 642 861
108019 162 205 305 398 421 546 676 797
109002 111 245 332 373 483 548 693 841
110005 156 214 297 376 479 586 658 714
111017 137 219 284 365 436 510 676 820
112011 134 255 286 342 491 533 609 787
113009 121 269 329 365 432 598 638 833
114012 188 235 308 373 464 539 662 715
115024 153 212 271 352 461 581 645 868
Ο Δ. ΠΑΠΑΜΙΧΑΗΛ ΕΖΗΤΗΣΕ ΣΥΓΓΝΩΜΗΝ ΑΠΟ ΤΑΣ ΔΗΜΟΣΙΟΓΡΑΦΙΚΑΣ ΕΝΩΣΕΙΣ ΔΙΑ ΤΗΝ ΚΑΚΟΠΟΙΗΣΙΝ ΤΟΥ ΣΥΝΤΑΚΤΟΥ
ΣΥΝΕΧΕΙΑ ΕΚ ΤΗΣ ΣΕΛΙΔΟΣ. Ό κ. Παπαμιχαήλ είς επιστολήν του προς τας δημοσιογραφικάς ενώσεις εκφράζει την λύπην του διά το επεισόδιον. ΠΑΠΑΜΙΧΑΗΛ: Να έρθη εδώ. ΣΥΝΤΑΚΤΗΣ: Δεν έχω τίποτε να πω. Κατά την διάρκειαν της συζητήσεως ό συντάκτης εδέχθη επίθεσιν. Ό κ. Παπαμιχαήλ εζήτησε συγγνώμην και εδήλωσεν ότι ουδέποτε είχε πρόθεσιν να θίξη τον δημοσιογραφικόν κόσμον. Αι ενώσεις συντακτών εξέδωσαν ανακοίνωσιν καταδικάζουσαν το γεγονός και ζητούσαι την τιμωρίαν των υπευθύνων. Ή μαγνητοφωνημένη συνομιλία απεκαλύφθη ενώπιον των μελών της ενώσεως και των εκπροσώπων του Τύπου. ΠΑΠΑΜΙΧΑΗΛ: Ποιος σας είπε να γράψετε αυτά; ΣΥΝΤΑΚΤΗΣ: Είναι καθήκον μου. Το επεισόδιον έλαβε χώραν εις τα γραφεία της εφημερίδος την μεσημβρίαν της Πέμπτης, παρουσία και άλλων προσώπων τα οποία επεβεβαίωσαν τα γεγονότα.
ΜΑΓΝΗΤΟΦΩΝΗΣΙΣ
ΣΥΝΕΧΕΙΑ ΕΚ ΤΗΣ ΣΕΛΙΔΟΣ. Ό κ. Παπαμιχαήλ είς επιστολήν του προς τας δημοσιογραφικάς ενώσεις εκφράζει την λύπην του διά το επεισόδιον. ΠΑΠΑΜΙΧΑΗΛ: Να έρθη εδώ. ΣΥΝΤΑΚΤΗΣ: Δεν έχω τίποτε να πω. Κατά την διάρκειαν της συζητήσεως ό συντάκτης εδέχθη επίθεσιν. Ό κ. Παπαμιχαήλ εζήτησε συγγνώμην και εδήλωσεν ότι ουδέποτε είχε πρόθεσιν να θίξη τον δημοσιογραφικόν κόσμον. Αι ενώσεις συντακτών εξέδωσαν ανακοίνωσιν καταδικάζουσαν το γεγονός και ζητούσαι την τιμωρίαν των υπευθύνων. Ή μαγνητοφωνημένη συνομιλία απεκαλύφθη ενώπιον των μελών της ενώσεως και των εκπροσώπων του Τύπου. ΠΑΠΑΜΙΧΑΗΛ: Ποιος σας είπε να γράψετε αυτά; ΣΥΝΤΑΚΤΗΣ: Είναι καθήκον μου. Το επεισόδιον έλαβε χώραν εις τα γραφεία της εφημερίδος την μεσημβρίαν της Πέμπτης, παρουσία και άλλων προσώπων τα οποία επεβεβαίωσαν τα γεγονότα.
ΣΥΝΕΧΕΙΑ ΕΚ ΤΗΣ ΣΕΛΙΔΟΣ. Ό κ. Παπαμιχαήλ είς επιστολήν του προς τας δημοσιογραφικάς ενώσεις εκφράζει την λύπην του διά το επεισόδιον. ΠΑΠΑΜΙΧΑΗΛ: Να έρθη εδώ. ΣΥΝΤΑΚΤΗΣ: Δεν έχω τίποτε να πω. Κατά την διάρκειαν της συζητήσεως ό συντάκτης εδέχθη επίθεσιν. Ό κ. Παπαμιχαήλ εζήτησε συγγνώμην και εδήλωσεν ότι ουδέποτε είχε πρόθεσιν να θίξη τον δημοσιογραφικόν κόσμον. Αι ενώσεις συντακτών εξέδωσαν ανακοίνωσιν καταδικάζουσαν το γεγονός και ζητούσαι την τιμωρίαν των υπευθύνων. Ή μαγνητοφωνημένη συνομιλία απεκαλύφθη ενώπιον των μελών της ενώσεως και των εκπροσώπων του Τύπου. ΠΑΠΑΜΙΧΑΗΛ: Ποιος σας είπε να γράψετε αυτά; ΣΥΝΤΑΚΤΗΣ: Είναι καθήκον μου. Το επεισόδιον έλαβε χώραν εις τα γραφεία της εφημερίδος την μεσημβρίαν της Πέμπτης, παρουσία και άλλων προσώπων τα οποία επεβεβαίωσαν τα γεγονότα.
ΣΥΝΕΧΕΙΑ ΕΚ ΤΗΣ ΣΕΛΙΔΟΣ. Ό κ. Παπαμιχαήλ είς επιστολήν του προς τας δημοσιογραφικάς ενώσεις εκφράζει την λύπην του διά το επεισόδιον. ΠΑΠΑΜΙΧΑΗΛ: Να έρθη εδώ. ΣΥΝΤΑΚΤΗΣ: Δεν έχω τίποτε να πω. Κατά την διάρκειαν της συζητήσεως ό συντάκτης εδέχθη επίθεσιν. Ό κ. Παπαμιχαήλ εζήτησε συγγνώμην και εδήλωσεν ότι ουδέποτε είχε πρόθεσιν να θίξη τον δημοσιογραφικόν κόσμον. Αι ενώσεις συντακτών εξέδωσαν ανακοίνωσιν καταδικάζουσαν το γεγονός και ζητούσαι την τιμωρίαν των υπευθύνων. Ή μαγνητοφωνημένη συνομιλία απεκαλύφθη ενώπιον των μελών της ενώσεως και των εκπροσώπων του Τύπου. ΠΑΠΑΜΙΧΑΗΛ: Ποιος σας είπε να γράψετε αυτά; ΣΥΝΤΑΚΤΗΣ: Είναι καθήκον μου. Το επεισόδιον έλαβε χώραν εις τα γραφεία της εφημερίδος την μεσημβρίαν της Πέμπτης, παρουσία και άλλων προσώπων τα οποία επεβεβαίωσαν τα γεγονότα.
ΕΠΙΣΤΟΛΗ ΤΟΥ κ. ΠΑΠΑΜΙΧΑΗΛ
ΣΥΝΕΧΕΙΑ ΕΚ ΤΗΣ ΣΕΛΙΔΟΣ. Ό κ. Παπαμιχαήλ είς επιστολήν του προς τας δημοσιογραφικάς ενώσεις εκφράζει την λύπην του διά το επεισόδιον. ΠΑΠΑΜΙΧΑΗΛ: Να έρθη εδώ. ΣΥΝΤΑΚΤΗΣ: Δεν έχω τίποτε να πω. Κατά την διάρκειαν της συζητήσεως ό συντάκτης εδέχθη επίθεσιν. Ό κ. Παπαμιχαήλ εζήτησε συγγνώμην και εδήλωσεν ότι ουδέποτε είχε πρόθεσιν να θίξη τον δημοσιογραφικόν κόσμον. Αι ενώσεις συντακτών εξέδωσαν ανακοίνωσιν καταδικάζουσαν το γεγονός και ζητούσαι την τιμωρίαν των υπευθύνων. Ή μαγνητοφωνημένη συνομιλία απεκαλύφθη ενώπιον των μελών της ενώσεως και των εκπροσώπων του Τύπου. ΠΑΠΑΜΙΧΑΗΛ: Ποιος σας είπε να γράψετε αυτά; ΣΥΝΤΑΚΤΗΣ: Είναι καθήκον μου. Το επεισόδιον έλαβε χώραν εις τα γραφεία της εφημερίδος την μεσημβρίαν της Πέμπτης, παρουσία και άλλων προσώπων τα οποία επεβεβαίωσαν τα γεγονότα.
ΤΟ ΕΠΕΙΣΟΔΙΟΝ
ΣΥΝΕΧΕΙΑ ΕΚ ΤΗΣ ΣΕΛΙΔΟΣ. Ό κ. Παπαμιχαήλ είς επιστολήν του προς τας δημοσιογραφικάς ενώσεις εκφράζει την λύπην του διά το επεισόδιον. ΠΑΠΑΜΙΧΑΗΛ: Να έρθη εδώ. ΣΥΝΤΑΚΤΗΣ: Δεν έχω τίποτε να πω. Κατά την διάρκειαν της συζητήσεως ό συντάκτης εδέχθη επίθεσιν. Ό κ. Παπαμιχαήλ εζήτησε συγγνώμην και εδήλωσεν ότι ουδέποτε είχε πρόθεσιν να θίξη τον δημοσιογραφικόν κόσμον. Αι ενώσεις συντακτών εξέδωσαν ανακοίνωσιν καταδικάζουσαν το γεγονός και ζητούσαι την τιμωρίαν των υπευθύνων. Ή μαγνητοφωνημένη συνομιλία απεκαλύφθη ενώπιον των μελών της ενώσεως και των εκπροσώπων του Τύπου. ΠΑΠΑΜΙΧΑΗΛ: Ποιος σας είπε να γράψετε αυτά; ΣΥΝΤΑΚΤΗΣ: Είναι καθήκον μου. Το επεισόδιον έλαβε χώραν εις τα γραφεία της εφημερίδος την μεσημβρίαν της Πέμπτης, παρουσία και άλλων προσώπων τα οποία επεβεβαίωσαν τα γεγονότα.
Ο κ. ΕΞΑΡΧΟΣ ΚΑΙ ΑΓΓΕΛΙΣΗ ΕΙΣ ΤΑ ΤΡΙΚΑΛΑ
ΤΡΙΚΑΛΑ, 11.— Πραγματοποιήθη χθες η συγκέντρωσις των κατοίκων της πόλεως, εις την οποίαν ωμίλησεν ο κ. Εξαρχος διά τα προβλήματα της περιοχής και την ανάγκην εκτελέσεως έργων.
Εις τας παραγράφους της υπηρεσίας αναφέρεται ότι ελήφθησαν τα αναγκαία μέτρα. Ο τραυματίας μετεφέρθη εις το νοσοκομείον όπου του παρεσχέθησαν αι πρώται βοήθειαι. Κατά την χθεσινήν ημέραν επραγματοποιήθησαν αι κανονικαί συνεδριάσεις των αρμοδίων επιτροπών της πόλεως.
ΑΘΩΝΙΚΗ ΜΟΝΑΧΟΣ ΑΠΕΚΟΜΙΣΘΗ ΔΙ' ΕΛΙΚΟΠΤΕΡΟΥ
Κατόπιν εντολής του υπουργού επί των Βορείων Επαρχιών απεκομίσθη δι' ελικοπτέρου εκ του Αγίου Όρους μοναχός πάσχων εκ σοβαράς ασθενείας και διεκομίσθη εις νοσοκομείον της Θεσσαλονίκης.
304,90 ΔΡΑΧ. Η ΧΡΥΣΗ ΛΙΡΑ ΕΙΣ ΤΗΝ ΘΕΣΣΑΛΟΝΙΚΗΝ ΚΑΙ 303,20 ΔΡΧ. ΕΙΣ ΑΘΗΝΑΣ
Εις τας παραγράφους της υπηρεσίας αναφέρεται ότι ελήφθησαν τα αναγκαία μέτρα. Ο τραυματίας μετεφέρθη εις το νοσοκομείον όπου του παρεσχέθησαν αι πρώται βοήθειαι. Κατά την χθεσινήν ημέραν επραγματοποιήθησαν αι κανονικαί συνεδριάσεις των αρμοδίων επιτροπών της πόλεως.
Αγγλικής	304,50—304,90
Ελβετικής	263,00—264,00
Γαλλικής	261,00—262,00
Ιταλικής	258,00—259,00
Βελγικής	255,00—256,00
ΜΕΤΡΑ ΑΣΦΑΛΕΙΑΣ ΤΗΣ ΝΑΥΣΙΠΛΟΪΑΣ
Εις τας παραγράφους της υπηρεσίας αναφέρεται ότι ελήφθησαν τα αναγκαία μέτρα. Ο τραυματίας μετεφέρθη εις το νοσοκομείον όπου του παρεσχέθησαν αι πρώται βοήθειαι. Κατά την χθεσινήν ημέραν επραγματοποιήθησαν αι κανονικαί συνεδριάσεις των αρμοδίων επιτροπών της πόλεως.
ΠΑΙΣ ΕΤΡΑΥΜΑΤΙΣΘΗ ΣΥΝΕΠΕΙΑ ΠΤΩΣΕΩΣ
Εις τας παραγράφους της υπηρεσίας αναφέρεται ότι ελήφθησαν τα αναγκαία μέτρα. Ο τραυματίας μετεφέρθη εις το νοσοκομείον όπου του παρεσχέθησαν αι πρώται βοήθειαι. Κατά την χθεσινήν ημέραν επραγματοποιήθησαν αι κανονικαί συνεδριάσεις των αρμοδίων επιτροπών της πόλεως.
ΜΙΚΡΑΙ ΕΙΔΗΣΕΙΣ ΤΗΣ ΠΟΛΕΩΣ
Εις τας παραγράφους της υπηρεσίας αναφέρεται ότι ελήφθησαν τα αναγκαία μέτρα. Ο τραυματίας μετεφέρθη εις το νοσοκομείον όπου του παρεσχέθησαν αι πρώται βοήθειαι. Κατά την χθεσινήν ημέραν επραγματοποιήθησαν αι κανονικαί συνεδριάσεις των αρμοδίων επιτροπών της πόλεως.
Εις τας παραγράφους της υπηρεσίας αναφέρεται ότι ελήφθησαν τα αναγκαία μέτρα. Ο τραυματίας μετεφέρθη εις το νοσοκομείον όπου του παρεσχέθησαν αι πρώται βοήθειαι. Κατά την χθεσινήν ημέραν επραγματοποιήθησαν αι κανονικαί συνεδριάσεις των αρμοδίων επιτροπών της πόλεως.
ΕΝ ΣΥΝΑΓΕΡΜΩ Η ΑΣΤΥΝΟΜΙΑ ΚΑΙ Ο ΑΓΓΛΙΚΟΣ ΣΤΡΑΤΟΣ ΛΟΓΩ ΤΟΥ ΠΟΛΙΤΙΚΟΥ ΑΔΙΕΞΟΔΟΥ ΕΙΣ ΤΗΝ ΓΟΥ·ΙΑΝΑΝ
ΤΖΩΡΤΖΤΑΟΥΝ, Βρεταννική Γουϊάνα, 11.— Η αστυνομία και ο αγγλικός στρατός ετέθησαν εν συναγερμώ λόγω του πολιτικού αδιεξόδου, το οποίον προεκλήθη εκ της αρνήσεως του πρωθυπουργού να υποβάλη την παραίτησιν της κυβερνήσεώς του μετά τας εκλογάς.
ΤΖΩΡΤΖΤΑΟΥΝ, Βρεταννική Γουϊάνα, 11.— Η αστυνομία και ο αγγλικός στρατός ετέθησαν εν συναγερμώ λόγω του πολιτικού αδιεξόδου, το οποίον προεκλήθη εκ της αρνήσεως του πρωθυπουργού να υποβάλη την παραίτησιν της κυβερνήσεώς του μετά τας εκλογάς.
ΤΖΩΡΤΖΤΑΟΥΝ, Βρεταννική Γουϊάνα, 11.— Η αστυνομία και ο αγγλικός στρατός ετέθησαν εν συναγερμώ λόγω του πολιτικού αδιεξόδου, το οποίον προεκλήθη εκ της αρνήσεως του πρωθυπουργού να υποβάλη την παραίτησιν της κυβερνήσεώς του μετά τας εκλογάς.
ΣΕΛΙΣ 7
ΕΚΠΡΟΣΩΠΟΙ ΤΗΣ ΔΙΕΘΝΟΥΣ ΤΡΑΠΕΖΗΣ ΕΝΗΜΕΡΩΘΗΣΑΝ ΕΠΙ ΤΗΣ ΚΑΤΑΣΤΑΣΕΩΣ ΤΗΣ ΜΑΚΕΔΟΝΙΚΗΣ ΒΙΟΜΗΧΑΝΙΑΣ
ΕΠΕΣΚΕΦΘΗΣΑΝ ΤΑ ΕΡΓΟΣΤΑΣΙΑ ΤΗΣ ΘΕΣΣΑΛΟΝΙΚΗΣ
Οί αφιχθέντες εις Θεσσαλονίκην εκπρόσωποι της Διεθνούς Τραπέζης κ.κ. Τόρρες και Σάουν επεσκέφθησαν χθες την Βιομηχανικήν περιοχήν και ενημερώθησαν επί της καταστάσεως της βιομηχανίας. Εις την συνάντησιν μετείχον εκπρόσωποι του Βιομηχανικού Συνδέσμου και του Βιοτεχνικού Επιμελητηρίου, οι οποίοι ανέπτυξαν τα προβλήματα του κλάδου και τας δυνατότητας αναπτύξεως. Οί κ.κ. Τόρρες και Σάουν επεσκέφθησαν ακολούθως τα εργοστάσια της περιοχής και συνεζήτησαν με τους επιχειρηματίας τας προοπτικάς χρηματοδοτήσεως νέων επενδύσεων.
ΑΛΛΑΙ ΛΕΠΤΟΜΕΡΕΙΑΙ
Οί αφιχθέντες εις Θεσσαλονίκην εκπρόσωποι της Διεθνούς Τραπέζης κ.κ. Τόρρες και Σάουν επεσκέφθησαν χθες την Βιομηχανικήν περιοχήν και ενημερώθησαν επί της καταστάσεως της βιομηχανίας. Εις την συνάντησιν μετείχον εκπρόσωποι του Βιομηχανικού Συνδέσμου και του Βιοτεχνικού Επιμελητηρίου, οι οποίοι ανέπτυξαν τα προβλήματα του κλάδου και τας δυνατότητας αναπτύξεως. Οί κ.κ. Τόρρες και Σάουν επεσκέφθησαν ακολούθως τα εργοστάσια της περιοχής και συνεζήτησαν με τους επιχειρηματίας τας προοπτικάς χρηματοδοτήσεως νέων επενδύσεων.
Οί αφιχθέντες εις Θεσσαλονίκην εκπρόσωποι της Διεθνούς Τραπέζης κ.κ. Τόρρες και Σάουν επεσκέφθησαν χθες την Βιομηχανικήν περιοχήν και ενημερώθησαν επί της καταστάσεως της βιομηχανίας. Εις την συνάντησιν μετείχον εκπρόσωποι του Βιομηχανικού Συνδέσμου και του Βιοτεχνικού Επιμελητηρίου, οι οποίοι ανέπτυξαν τα προβλήματα του κλάδου και τας δυνατότητας αναπτύξεως. Οί κ.κ. Τόρρες και Σάουν επεσκέφθησαν ακολούθως τα εργοστάσια της περιοχής και συνεζήτησαν με τους επιχειρηματίας τας προοπτικάς χρηματοδοτήσεως νέων επενδύσεων.
ΕΙΣ ΤΑΣ ΑΘΗΝΑΣ
Οί αφιχθέντες εις Θεσσαλονίκην εκπρόσωποι της Διεθνούς Τραπέζης κ.κ. Τόρρες και Σάουν επεσκέφθησαν χθες την Βιομηχανικήν περιοχήν και ενημερώθησαν επί της καταστάσεως της βιομηχανίας. Εις την συνάντησιν μετείχον εκπρόσωποι του Βιομηχανικού Συνδέσμου και του Βιοτεχνικού Επιμελητηρίου, οι οποίοι ανέπτυξαν τα προβλήματα του κλάδου και τας δυνατότητας αναπτύξεως. Οί κ.κ. Τόρρες και Σάουν επεσκέφθησαν ακολούθως τα εργοστάσια της περιοχής και συνεζήτησαν με τους επιχειρηματίας τας προοπτικάς χρηματοδοτήσεως νέων επενδύσεων.
ΣΤΡΑΤΙΩΤΗΣ ΕΦΟΝΕΥΘΗ ΕΞ ΑΝΑΤΡΟΠΗΣ ΟΧΗΜΑΤΟΣ ΚΑΙ ΕΤΕΡΟΙ ΔΥΟ ΕΤΡΑΥΜΑΤΙΣΘΗΣΑΝ ΕΙΣ ΤΗΝ ΘΡΑΚΗΝ
ΔΥΟ ΝΕΚΡΟΙ ΕΙΣ ΤΗΝ ΑΤΤΙΚΗΝ ΚΑΙ ΕΙΣ ΤΗΝ ΚΟΡΙΝΘΙΑΝ
Την 9.45 π.μ. χθες κατά την διαδρομήν εις την εθνικήν οδόν ανετράπη στρατιωτικόν όχημα με αποτέλεσμα να φονευθή ο στρατιώτης και να τραυματισθούν ελαφρώς δύο έτεροι. ΑΘΗΝΑΙ, 11.— Την πρωΐαν της χθες ευρέθη νεκρά εντός της οικίας της ηλικιωμένη γυνή. ΚΟΡΙΝΘΟΣ, 11.— Γεωργός της περιοχής εφονεύθη όταν ανετράπη το τρακτέρ του.
ΕΦΟΝΕΥΘΗ ΣΤΡΑΤΙΩΤΗΣ
Την 9.45 π.μ. χθες κατά την διαδρομήν εις την εθνικήν οδόν ανετράπη στρατιωτικόν όχημα με αποτέλεσμα να φονευθή ο στρατιώτης και να τραυματισθούν ελαφρώς δύο έτεροι. ΑΘΗΝΑΙ, 11.— Την πρωΐαν της χθες ευρέθη νεκρά εντός της οικίας της ηλικιωμένη γυνή. ΚΟΡΙΝΘΟΣ, 11.— Γεωργός της περιοχής εφονεύθη όταν ανετράπη το τρακτέρ του.
Την 9.45 π.μ. χθες κατά την διαδρομήν εις την εθνικήν οδόν ανετράπη στρατιωτικόν όχημα με αποτέλεσμα να φονευθή ο στρατιώτης και να τραυματισθούν ελαφρώς δύο έτεροι. ΑΘΗΝΑΙ, 11.— Την πρωΐαν της χθες ευρέθη νεκρά εντός της οικίας της ηλικιωμένη γυνή. ΚΟΡΙΝΘΟΣ, 11.— Γεωργός της περιοχής εφονεύθη όταν ανετράπη το τρακτέρ του.
ΝΕΚΡΑ ΕΙΣ ΤΑΣ ΑΘΗΝΑΣ
Την 9.45 π.μ. χθες κατά την διαδρομήν εις την εθνικήν οδόν ανετράπη στρατιωτικόν όχημα με αποτέλεσμα να φονευθή ο στρατιώτης και να τραυματισθούν ελαφρώς δύο έτεροι. ΑΘΗΝΑΙ, 11.— Την πρωΐαν της χθες ευρέθη νεκρά εντός της οικίας της ηλικιωμένη γυνή. ΚΟΡΙΝΘΟΣ, 11.— Γεωργός της περιοχής εφονεύθη όταν ανετράπη το τρακτέρ του.
ΝΕΚΡΟΣ ΕΙΣ ΚΟΡΙΝΘΙΑΝ
Την 9.45 π.μ. χθες κατά την διαδρομήν εις την εθνικήν οδόν ανετράπη στρατιωτικόν όχημα με αποτέλεσμα να φονευθή ο στρατιώτης και να τραυματισθούν ελαφρώς δύο έτεροι. ΑΘΗΝΑΙ, 11.— Την πρωΐαν της χθες ευρέθη νεκρά εντός της οικίας της ηλικιωμένη γυνή. ΚΟΡΙΝΘΟΣ, 11.— Γεωργός της περιοχής εφονεύθη όταν ανετράπη το τρακτέρ του.
Η ΙΔΡΥΣΙΣ ΕΙΣ ΘΕΣΣΑΛΟΝΙΚΗΝ ΚΕΝΤΡΟΥ ΤΑΧΥΡΡΥΘΜΟΥ ΕΚΠΑΙΔΕΥΣΕΩΣ ΤΩΝ ΕΡΓΑΤΩΝ
Κατόπιν της αποφάσεως της κυβερνήσεως διά την ίδρυσιν κέντρου ταχυρρύθμου εκπαιδεύσεως εις Θεσσαλονίκην, επελέγη ο χώρος εις την Δυτικήν συνοικίαν της πόλεως. Το κέντρον θα περιλαμβάνη εργαστήρια διά την εκπαίδευσιν τεχνιτών εις διαφόρους ειδικότητας και θα λειτουργήση εντός του προσεχούς έτους. Ο.Α.Ε.Δ. προβλέπει την εκπαίδευσιν 600 εργατών ετησίως.
Κατόπιν της αποφάσεως της κυβερνήσεως διά την ίδρυσιν κέντρου ταχυρρύθμου εκπαιδεύσεως εις Θεσσαλονίκην, επελέγη ο χώρος εις την Δυτικήν συνοικίαν της πόλεως. Το κέντρον θα περιλαμβάνη εργαστήρια διά την εκπαίδευσιν τεχνιτών εις διαφόρους ειδικότητας και θα λειτουργήση εντός του προσεχούς έτους. Ο.Α.Ε.Δ. προβλέπει την εκπαίδευσιν 600 εργατών ετησίως.
ΜΕΛΕΤΑΤΑΙ ΤΟ ΟΛΟΝ ΘΕΜΑ ΤΗΣ ΑΣΦΑΛΕΙΑΣ ΤΩΝ ΥΠΟΓΕΙΩΝ ΕΓΚΑΤΑΣΤΑΣΕΩΝ ΟΜΟΝΟΙΑΣ
ΑΘΗΝΑΙ, 11.— Ο υπουργός Δημοσίων Έργων εδήλωσεν ότι μελετάται το όλον θέμα της ασφαλείας των υπογείων εγκαταστάσεων της πλατείας Ομονοίας κατόπιν των τελευταίων γεγονότων.
ΑΘΗΝΑΙ, 11.— Ο υπουργός Δημοσίων Έργων εδήλωσεν ότι μελετάται το όλον θέμα της ασφαλείας των υπογείων εγκαταστάσεων της πλατείας Ομονοίας κατόπιν των τελευταίων γεγονότων.
ΜΕΤΑ ΤΑΣ ΕΟΡΤΑΣ Ο ΑΝΑΣΧΗΜΑΤΙΣΜΟΣ ΔΕΝ ΣΥΓΚΑΛΕΙΤΑΙ Η ΚΟΙΝΟΒΟΥΛΕΥΤΙΚΗ ΟΜΑΣ
ΣΥΝΕΧΕΙΑ
Εκ της πρώτης σελίδος. Ο πρωθυπουργός εδήλωσεν ότι ο ανασχηματισμός της κυβερνήσεως θα γίνη μετά τας εορτάς. Η κοινοβουλευτική ομάς δεν θα συγκληθή μέχρι τότε. Ο κ. Τσιριμώκος εδήλωσεν ότι δεν είναι εις θέσιν να γνωρίζη τας προθέσεις του πρωθυπουργού διά την σύνθεσιν της νέας κυβερνήσεως.
ΟΤΑΝ Ο ΠΡΟΕΔΡΟΣ ΚΡΙΝΗ
Εκ της πρώτης σελίδος. Ο πρωθυπουργός εδήλωσεν ότι ο ανασχηματισμός της κυβερνήσεως θα γίνη μετά τας εορτάς. Η κοινοβουλευτική ομάς δεν θα συγκληθή μέχρι τότε. Ο κ. Τσιριμώκος εδήλωσεν ότι δεν είναι εις θέσιν να γνωρίζη τας προθέσεις του πρωθυπουργού διά την σύνθεσιν της νέας κυβερνήσεως.
Εκ της πρώτης σελίδος. Ο πρωθυπουργός εδήλωσεν ότι ο ανασχηματισμός της κυβερνήσεως θα γίνη μετά τας εορτάς. Η κοινοβουλευτική ομάς δεν θα συγκληθή μέχρι τότε. Ο κ. Τσιριμώκος εδήλωσεν ότι δεν είναι εις θέσιν να γνωρίζη τας προθέσεις του πρωθυπουργού διά την σύνθεσιν της νέας κυβερνήσεως.
ΔΗΛΩΣΙΣ ΤΟΥ κ. ΤΣΙΡΙΜΩΚΟΥ
Εκ της πρώτης σελίδος. Ο πρωθυπουργός εδήλωσεν ότι ο ανασχηματισμός της κυβερνήσεως θα γίνη μετά τας εορτάς. Η κοινοβουλευτική ομάς δεν θα συγκληθή μέχρι τότε. Ο κ. Τσιριμώκος εδήλωσεν ότι δεν είναι εις θέσιν να γνωρίζη τας προθέσεις του πρωθυπουργού διά την σύνθεσιν της νέας κυβερνήσεως.
ΚΑΛΑΜΙΤΣΑ
— Η ΒΑΣΙΛΙΣΣΑ ΤΗΣ ΝΥΧΤΑΣ
ΤΗΛΕΦΩΝΟΝ 41-464
ΑΠΟΨΕ
Ο ΣΤΑΥΡΟΣ ΓΡΑΜΜΑΤΙΚΟΠΟΥΛΟΣ
ΠΑΡΟΥΣΙΑΖΕΙ
την κωμική οπερέτα
"ΛΟΡΔΟΙ ΚΑΙ ΛΟΡΔΕΣ„
ΠΡΩΤΑΓΩΝΙΣΤΟΥΝ:
ή γυναίκα δράκαινα
ΕΛΒΙΡΑ
ΚΑΙ ΟΙ:
ΣΙΑ ΡΟΖΑΚΗ ή νκέϊσα με τά θαμμένα μάτια
ΜΠΑΜΠΗΣ ΤΣΕΤΙΝΗΣ ό ζηλιάρης της καρνάβας
ΝΤΟΡΑ ΛΙΤΑ μια ντίβα Αστερατοκρατία
ΛΟΛΙΤΑ το σπίτι του Άλλος
ΝΙΚΟΣ ΒΑΛΑΒΑΝΗΣ ό Σαρηπές
ΝΟΡΑ ΜΠΕΛΛΑ ή κέμισσα Πέ-Ρώ
ΜΑΝΩΛΑΚΗΣ φαν μπουρζοά
και ή όρχηστρα MELODY
